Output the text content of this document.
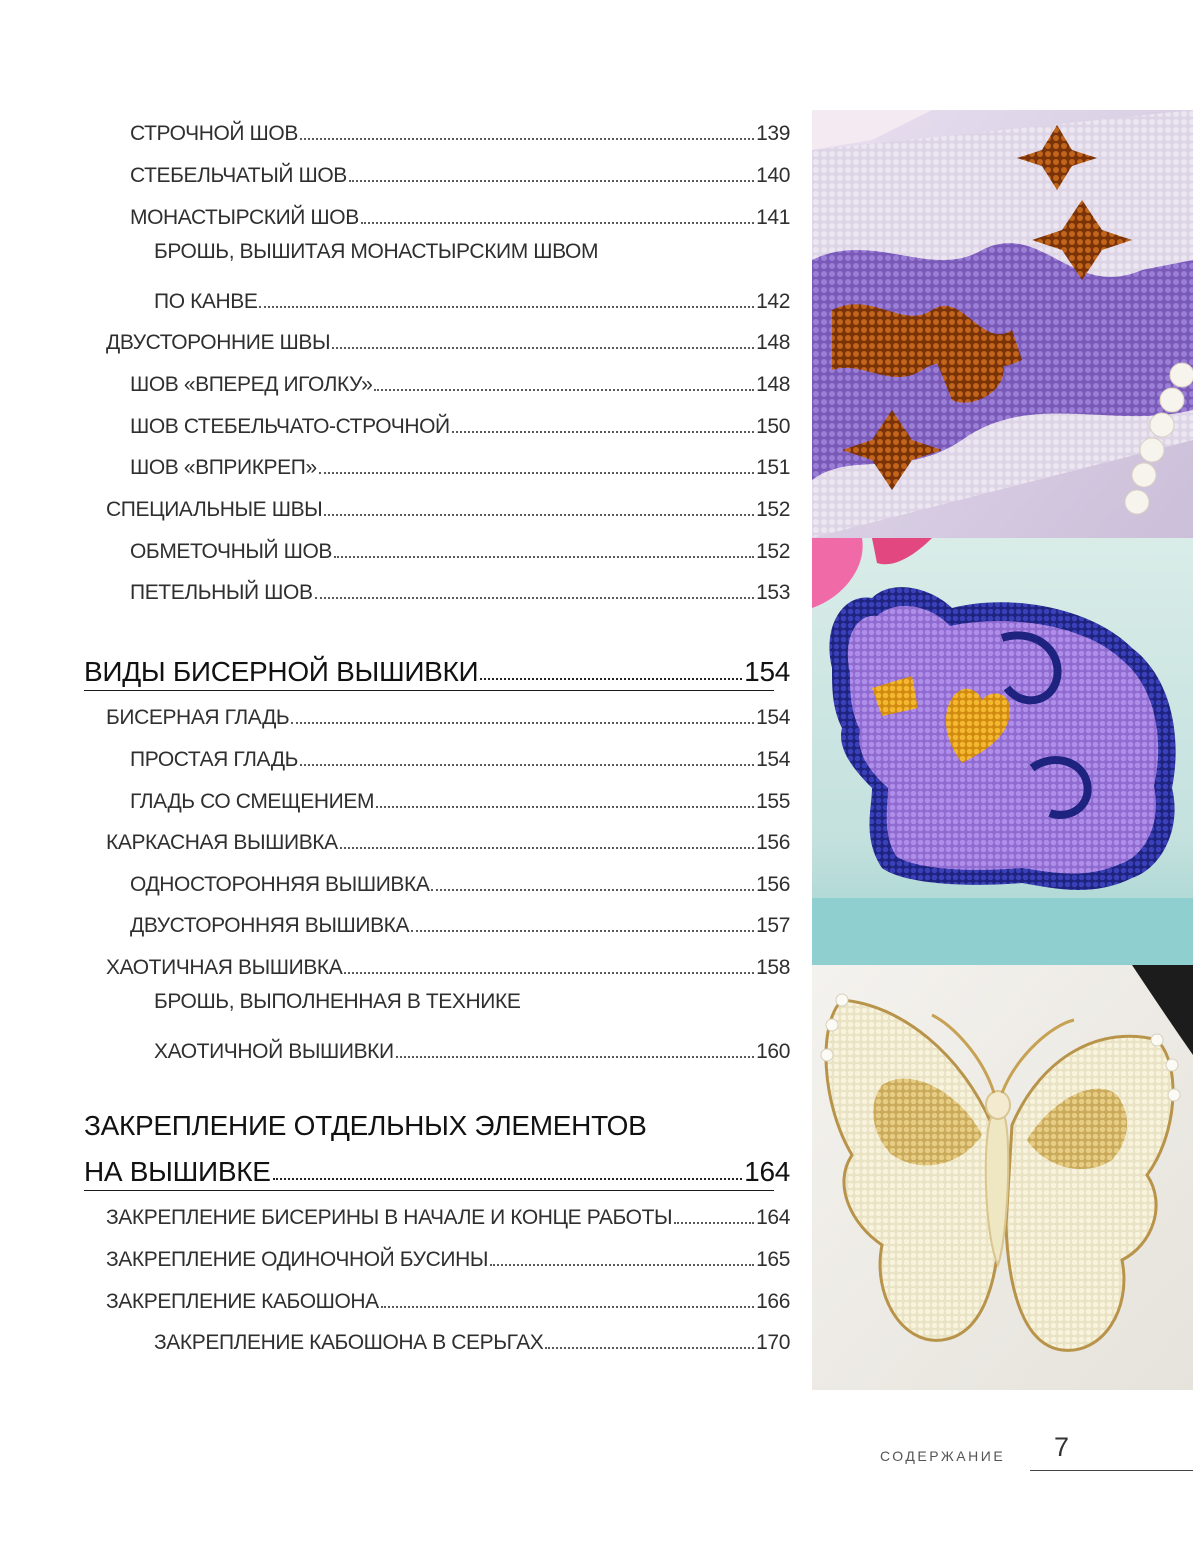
СТРОЧНОЙ ШОВ	139
СТЕБЕЛЬЧАТЫЙ ШОВ	140
МОНАСТЫРСКИЙ ШОВ	141
БРОШЬ, ВЫШИТАЯ МОНАСТЫРСКИМ ШВОМ
ПО КАНВЕ	142
ДВУСТОРОННИЕ ШВЫ	148
ШОВ «ВПЕРЕД ИГОЛКУ»	148
ШОВ СТЕБЕЛЬЧАТО-СТРОЧНОЙ	150
ШОВ «ВПРИКРЕП»	151
СПЕЦИАЛЬНЫЕ ШВЫ	152
ОБМЕТОЧНЫЙ ШОВ	152
ПЕТЕЛЬНЫЙ ШОВ	153
ВИДЫ БИСЕРНОЙ ВЫШИВКИ	154
БИСЕРНАЯ ГЛАДЬ	154
ПРОСТАЯ ГЛАДЬ	154
ГЛАДЬ СО СМЕЩЕНИЕМ	155
КАРКАСНАЯ ВЫШИВКА	156
ОДНОСТОРОННЯЯ ВЫШИВКА	156
ДВУСТОРОННЯЯ ВЫШИВКА	157
ХАОТИЧНАЯ ВЫШИВКА	158
БРОШЬ, ВЫПОЛНЕННАЯ В ТЕХНИКЕ
ХАОТИЧНОЙ ВЫШИВКИ	160
ЗАКРЕПЛЕНИЕ ОТДЕЛЬНЫХ ЭЛЕМЕНТОВ
НА ВЫШИВКЕ	164
ЗАКРЕПЛЕНИЕ БИСЕРИНЫ В НАЧАЛЕ И КОНЦЕ РАБОТЫ	164
ЗАКРЕПЛЕНИЕ ОДИНОЧНОЙ БУСИНЫ	165
ЗАКРЕПЛЕНИЕ КАБОШОНА	166
ЗАКРЕПЛЕНИЕ КАБОШОНА В СЕРЬГАХ	170
СОДЕРЖАНИЕ 7
